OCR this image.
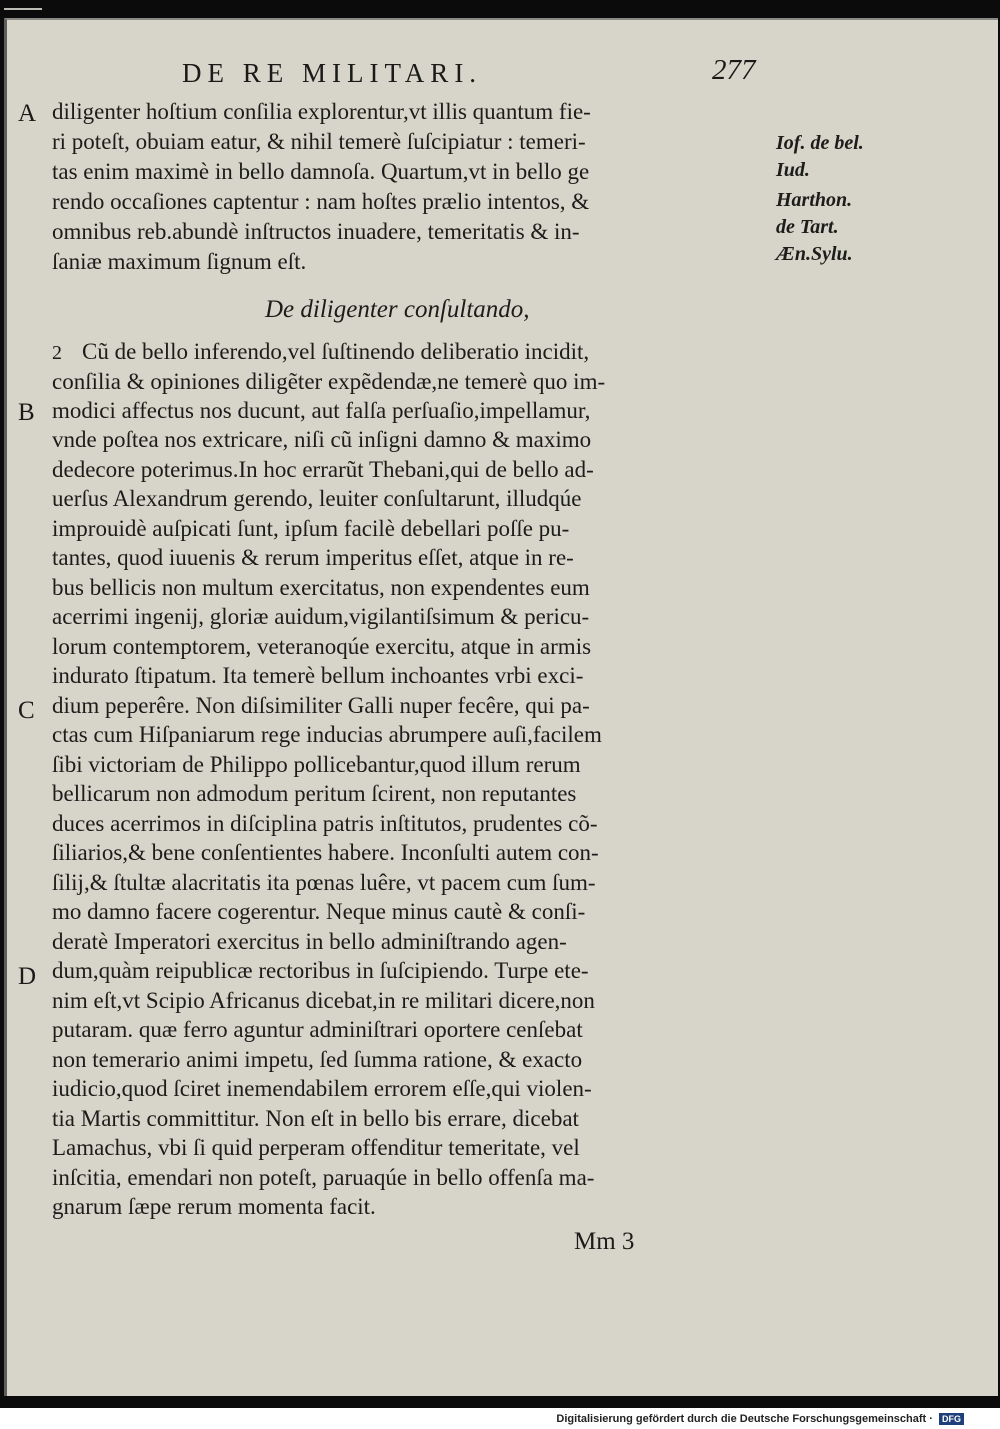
DE RE MILITARI.	277
A
B
C
D
Iof. de bel.
Iud.
Harthon.
de Tart.
Æn.Sylu.
diligenter hoſtium conſilia explorentur,vt illis quantum fie-
ri poteſt, obuiam eatur, & nihil temerè ſuſcipiatur : temeri-
tas enim maximè in bello damnoſa. Quartum,vt in bello ge
rendo occaſiones captentur : nam hoſtes prælio intentos, &
omnibus reb.abundè inſtructos inuadere, temeritatis & in-
ſaniæ maximum ſignum eſt.
De diligenter conſultando,
2 Cũ de bello inferendo,vel ſuſtinendo deliberatio incidit,
conſilia & opiniones diligẽter expẽdendæ,ne temerè quo im-
modici affectus nos ducunt, aut falſa perſuaſio,impellamur,
vnde poſtea nos extricare, niſi cũ inſigni damno & maximo
dedecore poterimus.In hoc errarũt Thebani,qui de bello ad-
uerſus Alexandrum gerendo, leuiter conſultarunt, illudqúe
improuidè auſpicati ſunt, ipſum facilè debellari poſſe pu-
tantes, quod iuuenis & rerum imperitus eſſet, atque in re-
bus bellicis non multum exercitatus, non expendentes eum
acerrimi ingenij, gloriæ auidum,vigilantiſsimum & pericu-
lorum contemptorem, veteranoqúe exercitu, atque in armis
indurato ſtipatum. Ita temerè bellum inchoantes vrbi exci-
dium peperêre. Non diſsimiliter Galli nuper fecêre, qui pa-
ctas cum Hiſpaniarum rege inducias abrumpere auſi,facilem
ſibi victoriam de Philippo pollicebantur,quod illum rerum
bellicarum non admodum peritum ſcirent, non reputantes
duces acerrimos in diſciplina patris inſtitutos, prudentes cõ-
ſiliarios,& bene conſentientes habere. Inconſulti autem con-
ſilij,& ſtultæ alacritatis ita pœnas luêre, vt pacem cum ſum-
mo damno facere cogerentur. Neque minus cautè & conſi-
deratè Imperatori exercitus in bello adminiſtrando agen-
dum,quàm reipublicæ rectoribus in ſuſcipiendo. Turpe ete-
nim eſt,vt Scipio Africanus dicebat,in re militari dicere,non
putaram. quæ ferro aguntur adminiſtrari oportere cenſebat
non temerario animi impetu, ſed ſumma ratione, & exacto
iudicio,quod ſciret inemendabilem errorem eſſe,qui violen-
tia Martis committitur. Non eſt in bello bis errare, dicebat
Lamachus, vbi ſi quid perperam offenditur temeritate, vel
inſcitia, emendari non poteſt, paruaqúe in bello offenſa ma-
gnarum ſæpe rerum momenta facit.
Mm 3
Digitalisierung gefördert durch die Deutsche Forschungsgemeinschaft · DFG
